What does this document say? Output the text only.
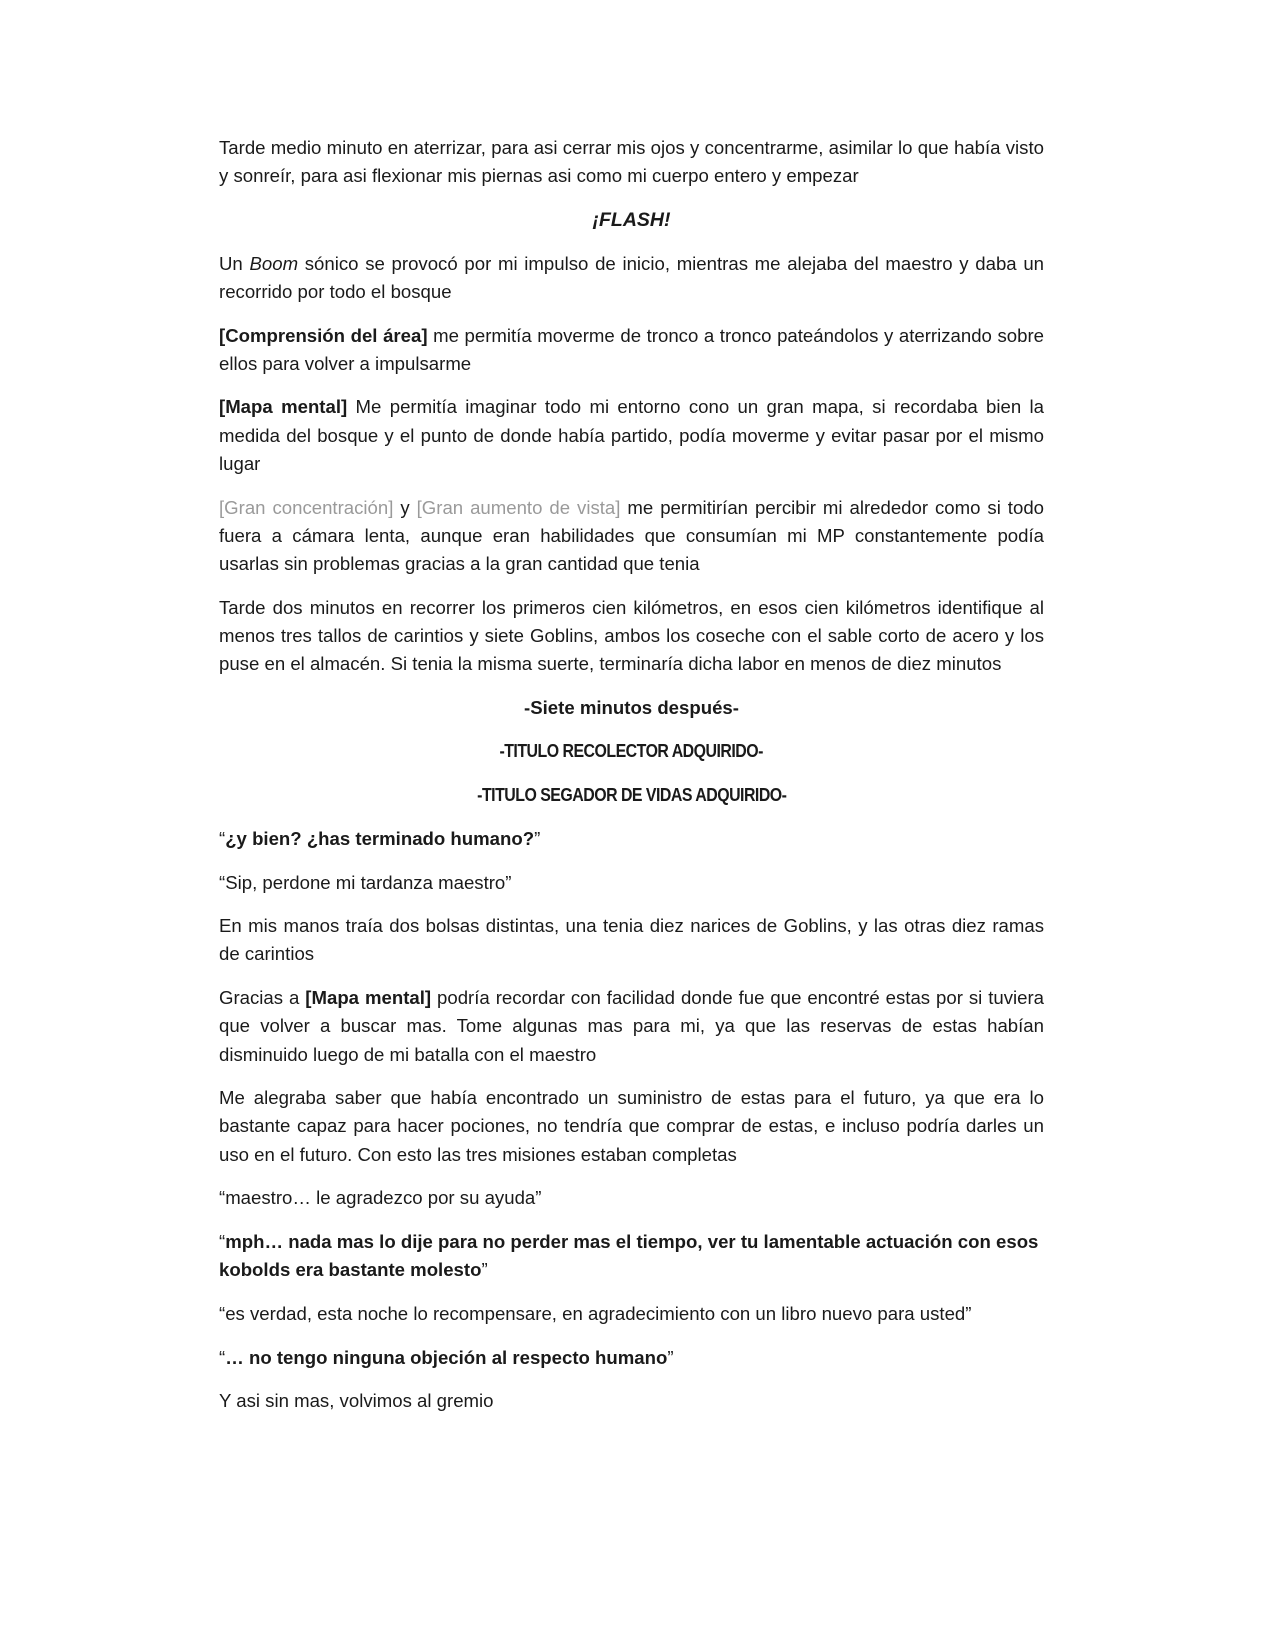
Tarde medio minuto en aterrizar, para asi cerrar mis ojos y concentrarme, asimilar lo que había visto y sonreír, para asi flexionar mis piernas asi como mi cuerpo entero y empezar

¡FLASH!

Un Boom sónico se provocó por mi impulso de inicio, mientras me alejaba del maestro y daba un recorrido por todo el bosque

[Comprensión del área] me permitía moverme de tronco a tronco pateándolos y aterrizando sobre ellos para volver a impulsarme

[Mapa mental] Me permitía imaginar todo mi entorno cono un gran mapa, si recordaba bien la medida del bosque y el punto de donde había partido, podía moverme y evitar pasar por el mismo lugar

[Gran concentración] y [Gran aumento de vista] me permitirían percibir mi alrededor como si todo fuera a cámara lenta, aunque eran habilidades que consumían mi MP constantemente podía usarlas sin problemas gracias a la gran cantidad que tenia

Tarde dos minutos en recorrer los primeros cien kilómetros, en esos cien kilómetros identifique al menos tres tallos de carintios y siete Goblins, ambos los coseche con el sable corto de acero y los puse en el almacén. Si tenia la misma suerte, terminaría dicha labor en menos de diez minutos

-Siete minutos después-

-TITULO RECOLECTOR ADQUIRIDO-

-TITULO SEGADOR DE VIDAS ADQUIRIDO-

“¿y bien? ¿has terminado humano?”

“Sip, perdone mi tardanza maestro”

En mis manos traía dos bolsas distintas, una tenia diez narices de Goblins, y las otras diez ramas de carintios

Gracias a [Mapa mental] podría recordar con facilidad donde fue que encontré estas por si tuviera que volver a buscar mas. Tome algunas mas para mi, ya que las reservas de estas habían disminuido luego de mi batalla con el maestro

Me alegraba saber que había encontrado un suministro de estas para el futuro, ya que era lo bastante capaz para hacer pociones, no tendría que comprar de estas, e incluso podría darles un uso en el futuro. Con esto las tres misiones estaban completas

“maestro… le agradezco por su ayuda”

“mph… nada mas lo dije para no perder mas el tiempo, ver tu lamentable actuación con esos kobolds era bastante molesto”

“es verdad, esta noche lo recompensare, en agradecimiento con un libro nuevo para usted”

“… no tengo ninguna objeción al respecto humano”

Y asi sin mas, volvimos al gremio
